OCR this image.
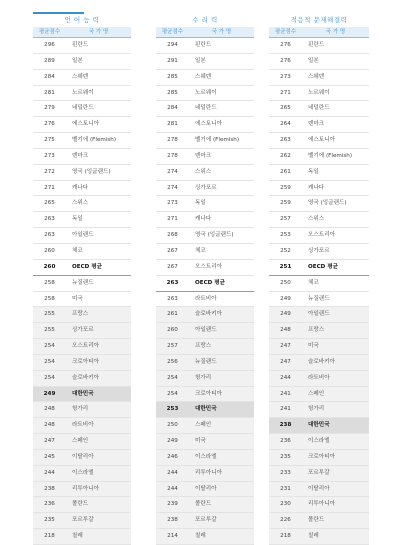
언 어 능 력
평균점수	국 가 명
296	핀란드
289	일본
284	스웨덴
281	노르웨이
279	네덜란드
276	에스토니아
275	벨기에 (Flemish)
273	덴마크
272	영국 (잉글랜드)
271	캐나다
265	스위스
263	독일
263	아일랜드
260	체코
260	OECD 평균
258	뉴질랜드
258	미국
255	프랑스
255	싱가포르
254	오스트리아
254	크로아티아
254	슬로바키아
249	대한민국
248	헝가리
248	라트비아
247	스페인
245	이탈리아
244	이스라엘
238	리투아니아
236	폴란드
235	포르투갈
218	칠레
수 리 력
평균점수	국 가 명
294	핀란드
291	일본
285	스웨덴
285	노르웨이
284	네덜란드
281	에스토니아
278	벨기에 (Flemish)
278	덴마크
274	스위스
274	싱가포르
273	독일
271	캐나다
268	영국 (잉글랜드)
267	체코
267	오스트리아
263	OECD 평균
263	라트비아
261	슬로바키아
260	아일랜드
257	프랑스
256	뉴질랜드
254	헝가리
254	크로아티아
253	대한민국
250	스페인
249	미국
246	이스라엘
244	리투아니아
244	이탈리아
239	폴란드
238	포르투갈
214	칠레
적응적 문제해결력
평균점수	국 가 명
276	핀란드
276	일본
273	스웨덴
271	노르웨이
265	네덜란드
264	덴마크
263	에스토니아
262	벨기에 (Flemish)
261	독일
259	캐나다
259	영국 (잉글랜드)
257	스위스
253	오스트리아
252	싱가포르
251	OECD 평균
250	체코
249	뉴질랜드
249	아일랜드
248	프랑스
247	미국
247	슬로바키아
244	라트비아
241	스페인
241	헝가리
238	대한민국
236	이스라엘
235	크로아티아
233	포르투갈
231	이탈리아
230	리투아니아
226	폴란드
218	칠레
